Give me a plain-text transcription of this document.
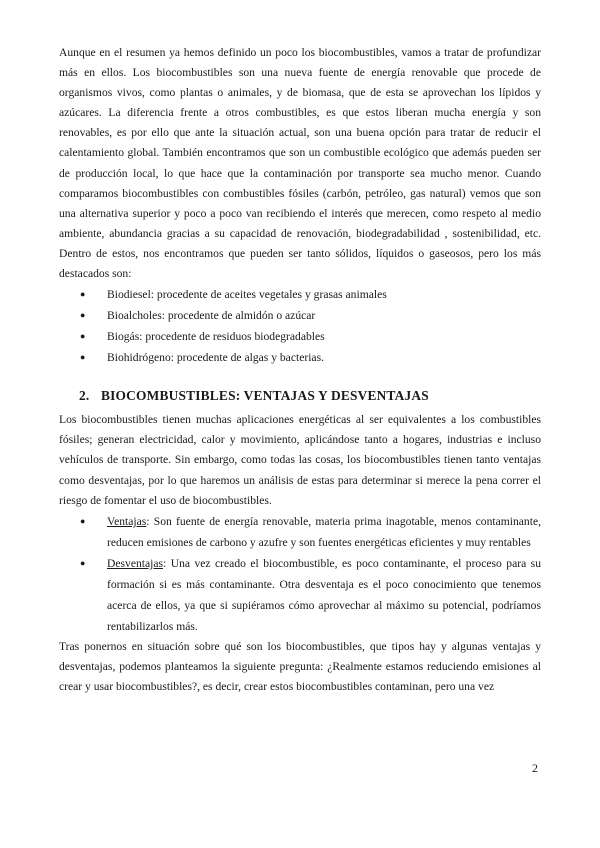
Aunque en el resumen ya hemos definido un poco los biocombustibles, vamos a tratar de profundizar más en ellos. Los biocombustibles son una nueva fuente de energía renovable que procede de organismos vivos, como plantas o animales, y de biomasa, que de esta se aprovechan los lípidos y azúcares. La diferencia frente a otros combustibles, es que estos liberan mucha energía y son renovables, es por ello que ante la situación actual, son una buena opción para tratar de reducir el calentamiento global. También encontramos que son un combustible ecológico que además pueden ser de producción local, lo que hace que la contaminación por transporte sea mucho menor. Cuando comparamos biocombustibles con combustibles fósiles (carbón, petróleo, gas natural) vemos que son una alternativa superior y poco a poco van recibiendo el interés que merecen, como respeto al medio ambiente, abundancia gracias a su capacidad de renovación, biodegradabilidad , sostenibilidad, etc. Dentro de estos, nos encontramos que pueden ser tanto sólidos, líquidos o gaseosos, pero los más destacados son:

● Biodiesel: procedente de aceites vegetales y grasas animales
● Bioalcholes: procedente de almidón o azúcar
● Biogás: procedente de residuos biodegradables
● Biohidrógeno: procedente de algas y bacterias.
2. BIOCOMBUSTIBLES: VENTAJAS Y DESVENTAJAS

Los biocombustibles tienen muchas aplicaciones energéticas al ser equivalentes a los combustibles fósiles; generan electricidad, calor y movimiento, aplicándose tanto a hogares, industrias e incluso vehículos de transporte. Sin embargo, como todas las cosas, los biocombustibles tienen tanto ventajas como desventajas, por lo que haremos un análisis de estas para determinar si merece la pena correr el riesgo de fomentar el uso de biocombustibles.

● Ventajas: Son fuente de energía renovable, materia prima inagotable, menos contaminante, reducen emisiones de carbono y azufre y son fuentes energéticas eficientes y muy rentables
● Desventajas: Una vez creado el biocombustible, es poco contaminante, el proceso para su formación si es más contaminante. Otra desventaja es el poco conocimiento que tenemos acerca de ellos, ya que si supiéramos cómo aprovechar al máximo su potencial, podríamos rentabilizarlos más.

Tras ponernos en situación sobre qué son los biocombustibles, que tipos hay y algunas ventajas y desventajas, podemos planteamos la siguiente pregunta: ¿Realmente estamos reduciendo emisiones al crear y usar biocombustibles?, es decir, crear estos biocombustibles contaminan, pero una vez

2
